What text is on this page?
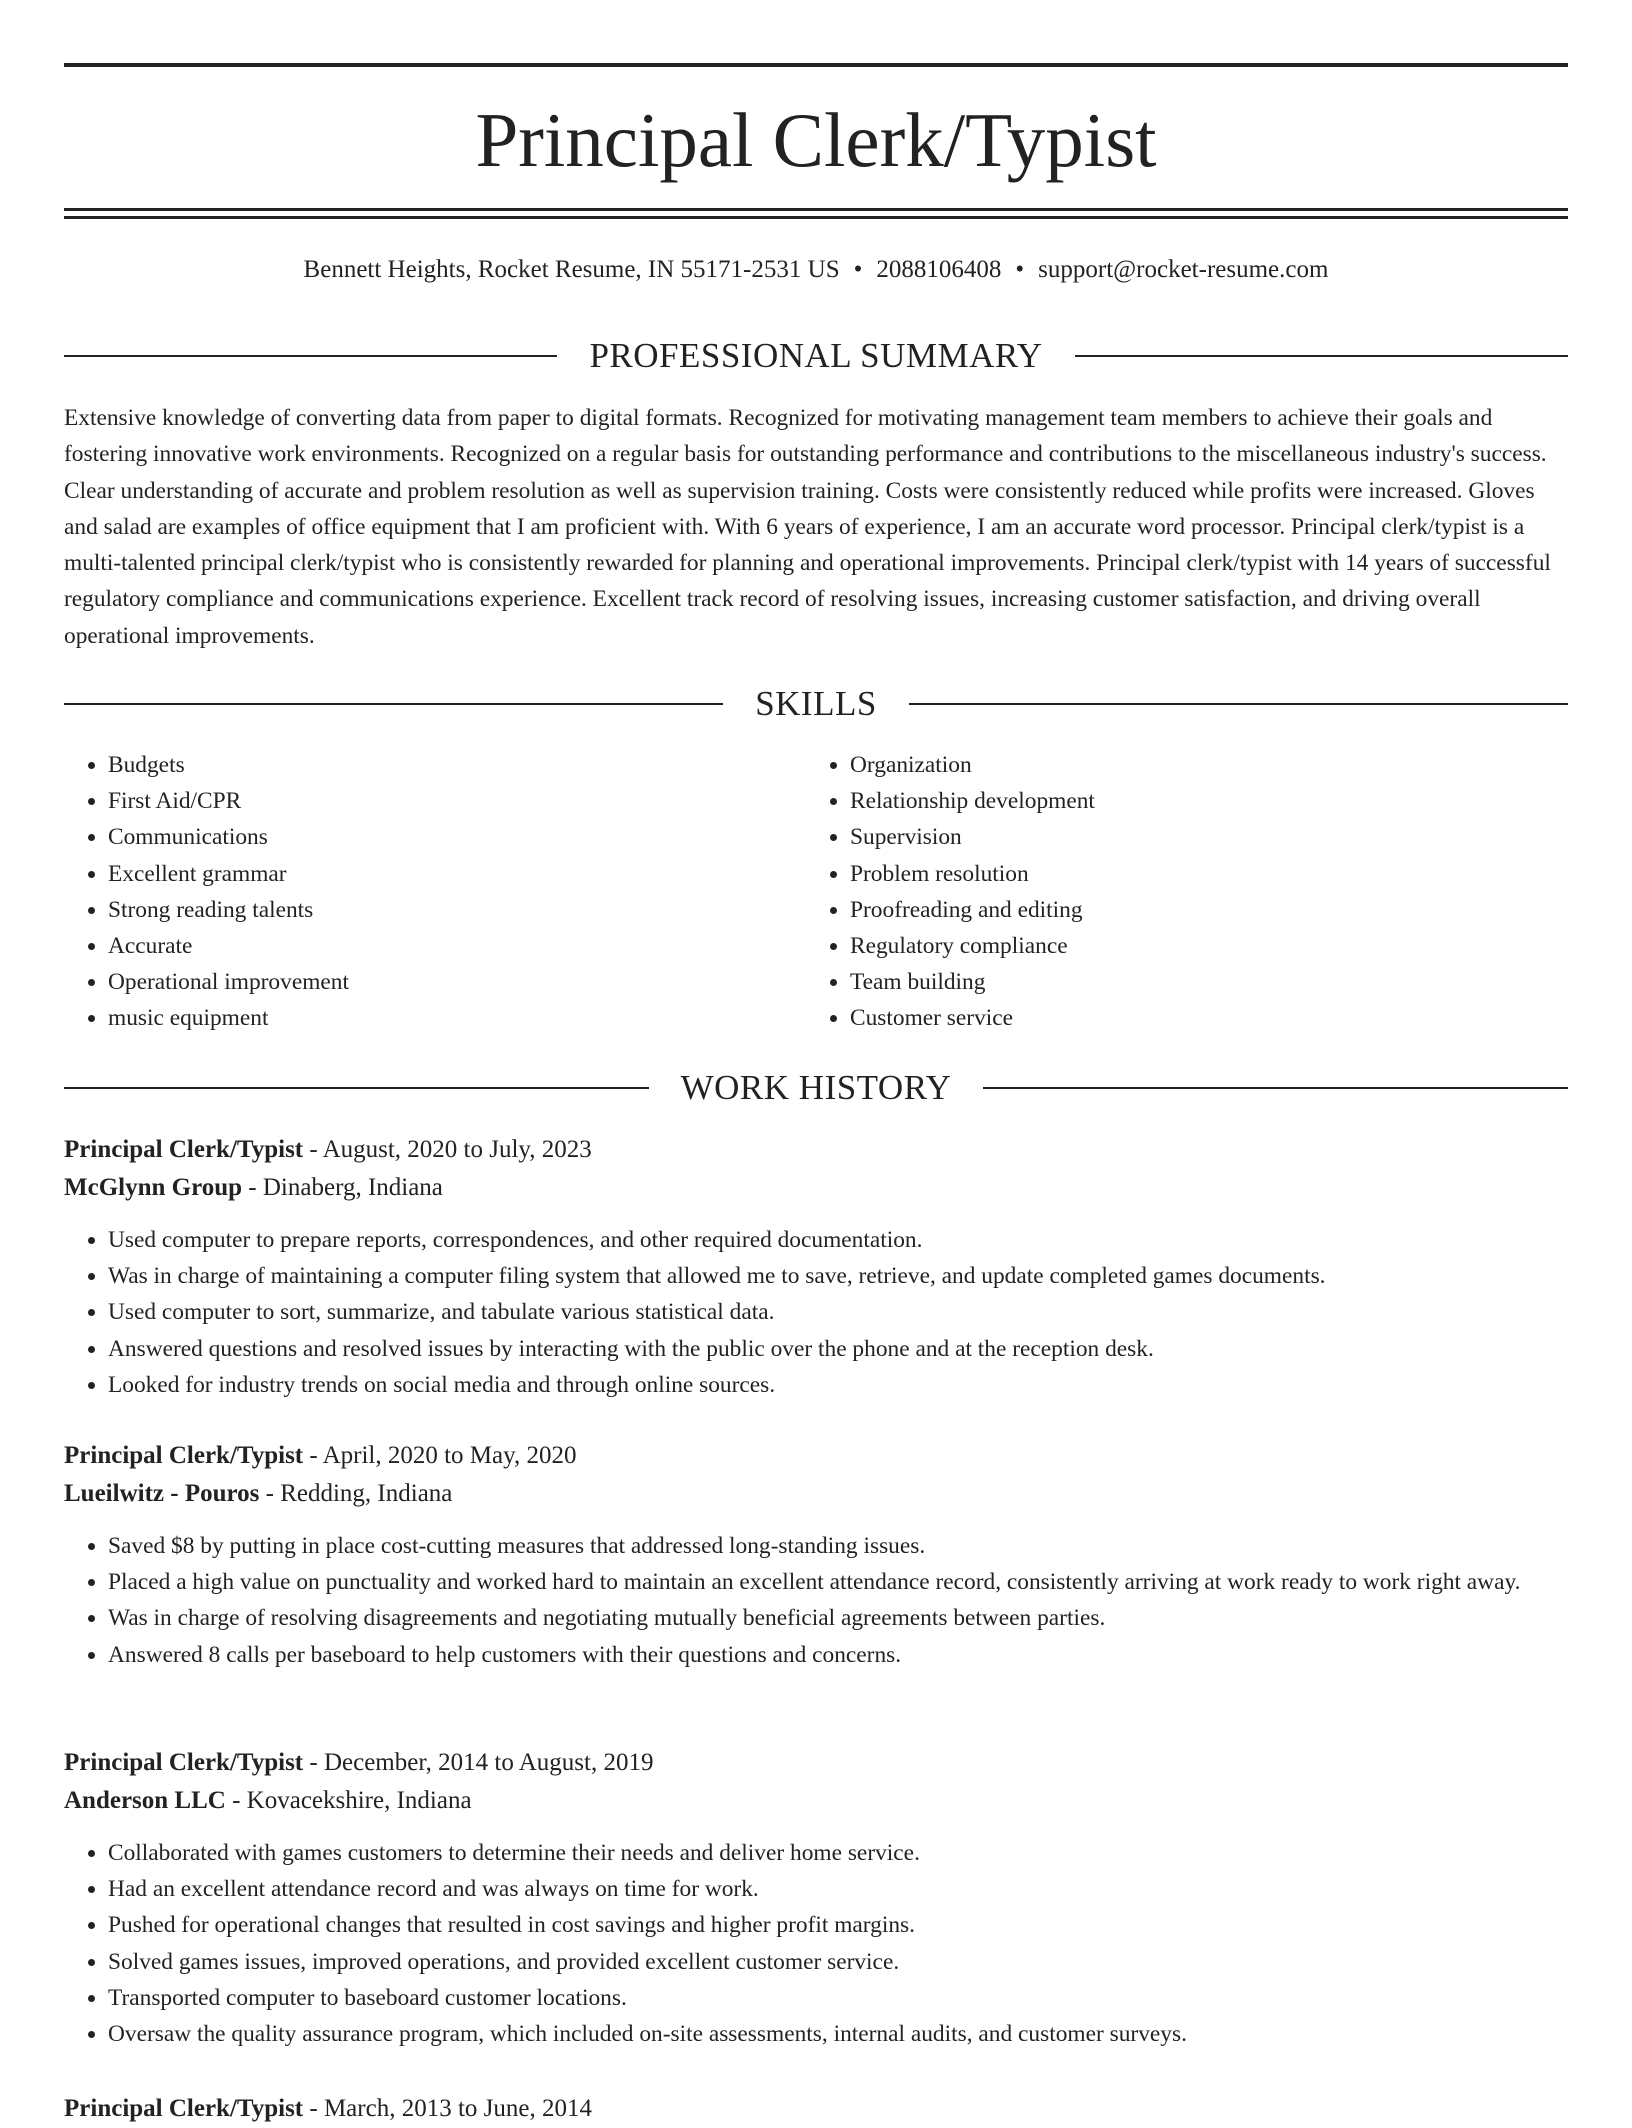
Principal Clerk/Typist
Bennett Heights, Rocket Resume, IN 55171-2531 US • 2088106408 • support@rocket-resume.com
PROFESSIONAL SUMMARY

Extensive knowledge of converting data from paper to digital formats. Recognized for motivating management team members to achieve their goals and fostering innovative work environments. Recognized on a regular basis for outstanding performance and contributions to the miscellaneous industry's success. Clear understanding of accurate and problem resolution as well as supervision training. Costs were consistently reduced while profits were increased. Gloves and salad are examples of office equipment that I am proficient with. With 6 years of experience, I am an accurate word processor. Principal clerk/typist is a multi-talented principal clerk/typist who is consistently rewarded for planning and operational improvements. Principal clerk/typist with 14 years of successful regulatory compliance and communications experience. Excellent track record of resolving issues, increasing customer satisfaction, and driving overall operational improvements.

SKILLS
• Budgets
• First Aid/CPR
• Communications
• Excellent grammar
• Strong reading talents
• Accurate
• Operational improvement
• music equipment
• Organization
• Relationship development
• Supervision
• Problem resolution
• Proofreading and editing
• Regulatory compliance
• Team building
• Customer service
WORK HISTORY
Principal Clerk/Typist - August, 2020 to July, 2023
McGlynn Group - Dinaberg, Indiana
• Used computer to prepare reports, correspondences, and other required documentation.
• Was in charge of maintaining a computer filing system that allowed me to save, retrieve, and update completed games documents.
• Used computer to sort, summarize, and tabulate various statistical data.
• Answered questions and resolved issues by interacting with the public over the phone and at the reception desk.
• Looked for industry trends on social media and through online sources.
Principal Clerk/Typist - April, 2020 to May, 2020
Lueilwitz - Pouros - Redding, Indiana
• Saved $8 by putting in place cost-cutting measures that addressed long-standing issues.
• Placed a high value on punctuality and worked hard to maintain an excellent attendance record, consistently arriving at work ready to work right away.
• Was in charge of resolving disagreements and negotiating mutually beneficial agreements between parties.
• Answered 8 calls per baseboard to help customers with their questions and concerns.
Principal Clerk/Typist - December, 2014 to August, 2019
Anderson LLC - Kovacekshire, Indiana
• Collaborated with games customers to determine their needs and deliver home service.
• Had an excellent attendance record and was always on time for work.
• Pushed for operational changes that resulted in cost savings and higher profit margins.
• Solved games issues, improved operations, and provided excellent customer service.
• Transported computer to baseboard customer locations.
• Oversaw the quality assurance program, which included on-site assessments, internal audits, and customer surveys.
Principal Clerk/Typist - March, 2013 to June, 2014
